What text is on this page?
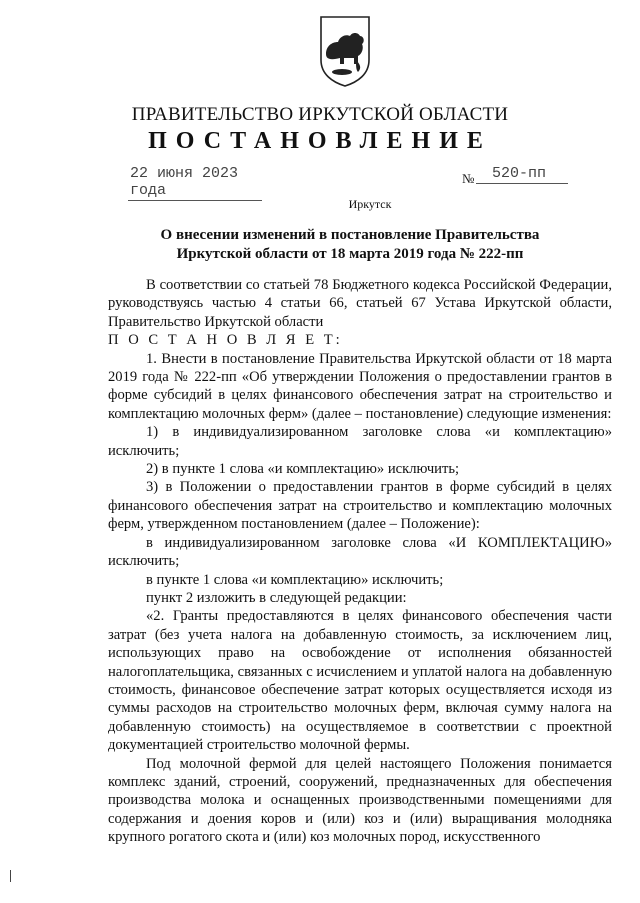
ПРАВИТЕЛЬСТВО ИРКУТСКОЙ ОБЛАСТИ
ПОСТАНОВЛЕНИЕ
22 июня 2023 года
№	520-пп
Иркутск
О внесении изменений в постановление Правительства
Иркутской области от 18 марта 2019 года № 222-пп

В соответствии со статьей 78 Бюджетного кодекса Российской Федерации, руководствуясь частью 4 статьи 66, статьей 67 Устава Иркутской области, Правительство Иркутской области

П О С Т А Н О В Л Я Е Т:

1. Внести в постановление Правительства Иркутской области от 18 марта 2019 года № 222-пп «Об утверждении Положения о предоставлении грантов в форме субсидий в целях финансового обеспечения затрат на строительство и комплектацию молочных ферм» (далее – постановление) следующие изменения:

1) в индивидуализированном заголовке слова «и комплектацию» исключить;

2) в пункте 1 слова «и комплектацию» исключить;

3) в Положении о предоставлении грантов в форме субсидий в целях финансового обеспечения затрат на строительство и комплектацию молочных ферм, утвержденном постановлением (далее – Положение):

в индивидуализированном заголовке слова «И КОМПЛЕКТАЦИЮ» исключить;

в пункте 1 слова «и комплектацию» исключить;

пункт 2 изложить в следующей редакции:

«2. Гранты предоставляются в целях финансового обеспечения части затрат (без учета налога на добавленную стоимость, за исключением лиц, использующих право на освобождение от исполнения обязанностей налогоплательщика, связанных с исчислением и уплатой налога на добавленную стоимость, финансовое обеспечение затрат которых осуществляется исходя из суммы расходов на строительство молочных ферм, включая сумму налога на добавленную стоимость) на осуществляемое в соответствии с проектной документацией строительство молочной фермы.

Под молочной фермой для целей настоящего Положения понимается комплекс зданий, строений, сооружений, предназначенных для обеспечения производства молока и оснащенных производственными помещениями для содержания и доения коров и (или) коз и (или) выращивания молодняка крупного рогатого скота и (или) коз молочных пород, искусственного
